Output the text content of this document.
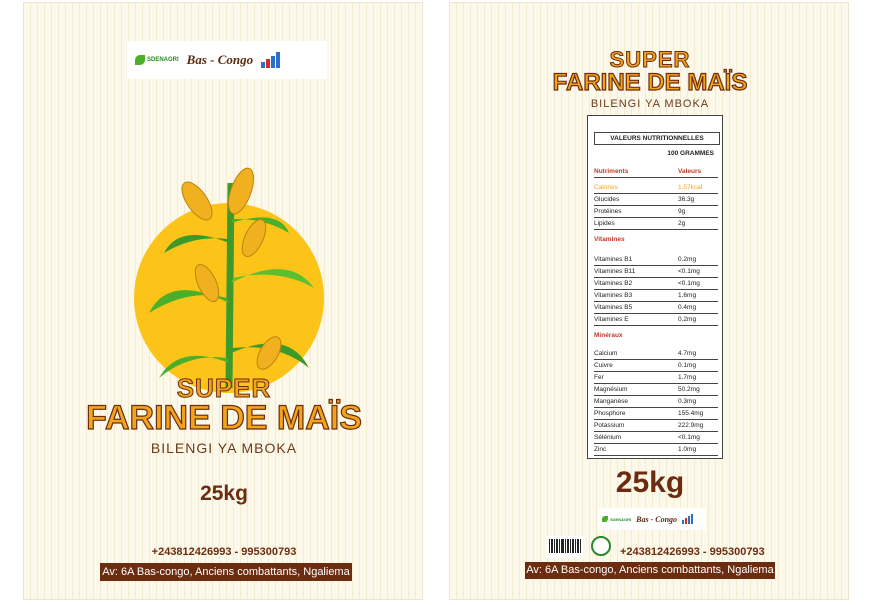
SDENAGRI Bas - Congo
SUPER
FARINE DE MAÏS
BILENGI YA MBOKA
25kg
+243812426993 - 995300793
Av: 6A Bas-congo, Anciens combattants, Ngaliema
SUPER
FARINE DE MAÏS
BILENGI YA MBOKA
VALEURS NUTRITIONNELLES
100 GRAMMES
Nutriments	Valeurs
Calories	1.57kcal
Glucides	36.3g
Protéines	9g
Lipides	2g
Vitamines
Vitamines B1	0.2mg
Vitamines B11	<0.1mg
Vitamines B2	<0.1mg
Vitamines B3	1.6mg
Vitamines B5	0.4mg
Vitamines E	0.2mg
Minéraux
Calcium	4.7mg
Cuivre	0.1mg
Fer	1.7mg
Magnésium	50.2mg
Manganèse	0.3mg
Phosphore	155.4mg
Potassium	222.9mg
Sélénium	<0.1mg
Zinc	1.0mg
25kg
SDENAGRI Bas - Congo
+243812426993 - 995300793
Av: 6A Bas-congo, Anciens combattants, Ngaliema
